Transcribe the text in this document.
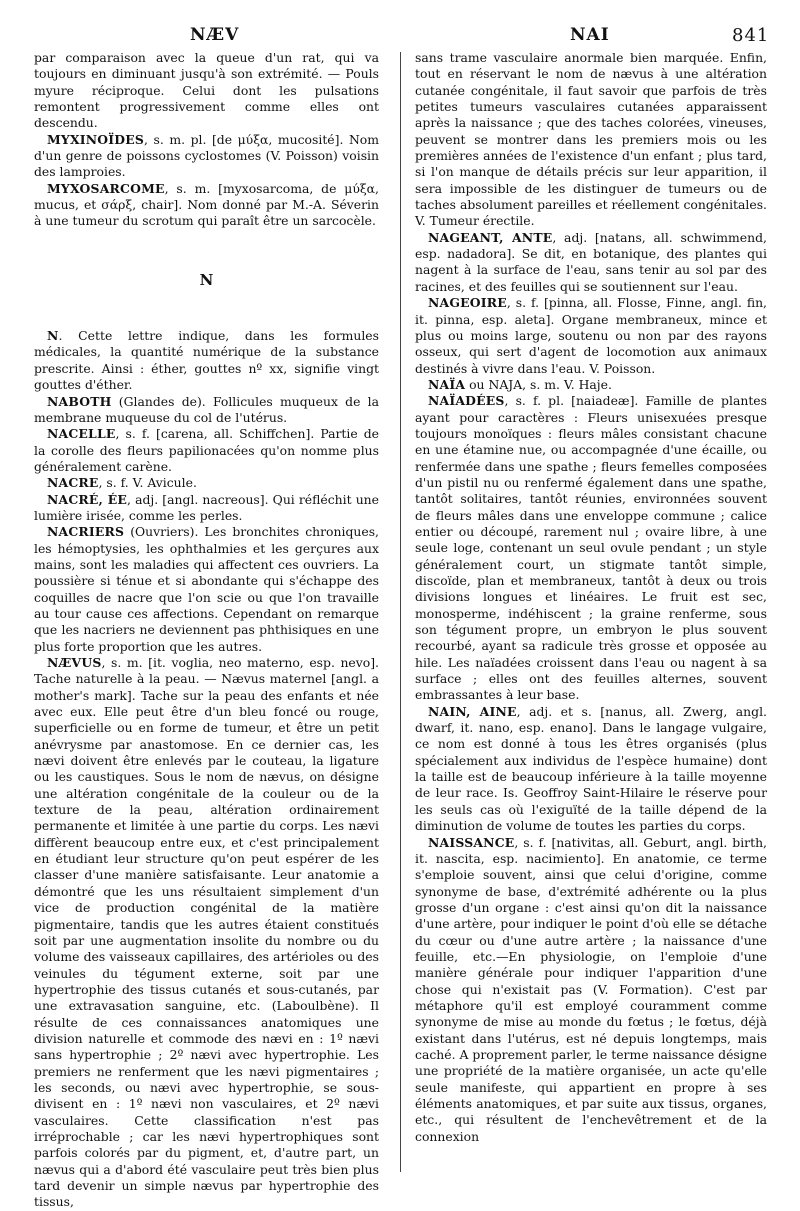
NÆV	NAI	841

par comparaison avec la queue d'un rat, qui va toujours en diminuant jusqu'à son extrémité. — Pouls myure réciproque. Celui dont les pulsations remontent progressivement comme elles ont descendu.

MYXINOÏDES, s. m. pl. [de μύξα, mucosité]. Nom d'un genre de poissons cyclostomes (V. Poisson) voisin des lamproies.

MYXOSARCOME, s. m. [myxosarcoma, de μύξα, mucus, et σάρξ, chair]. Nom donné par M.-A. Séverin à une tumeur du scrotum qui paraît être un sarcocèle.

N

N. Cette lettre indique, dans les formules médicales, la quantité numérique de la substance prescrite. Ainsi : éther, gouttes nº xx, signifie vingt gouttes d'éther.

NABOTH (Glandes de). Follicules muqueux de la membrane muqueuse du col de l'utérus.

NACELLE, s. f. [carena, all. Schiffchen]. Partie de la corolle des fleurs papilionacées qu'on nomme plus généralement carène.

NACRE, s. f. V. Avicule.

NACRÉ, ÉE, adj. [angl. nacreous]. Qui réfléchit une lumière irisée, comme les perles.

NACRIERS (Ouvriers). Les bronchites chroniques, les hémoptysies, les ophthalmies et les gerçures aux mains, sont les maladies qui affectent ces ouvriers. La poussière si ténue et si abondante qui s'échappe des coquilles de nacre que l'on scie ou que l'on travaille au tour cause ces affections. Cependant on remarque que les nacriers ne deviennent pas phthisiques en une plus forte proportion que les autres.

NÆVUS, s. m. [it. voglia, neo materno, esp. nevo]. Tache naturelle à la peau. — Nævus maternel [angl. a mother's mark]. Tache sur la peau des enfants et née avec eux. Elle peut être d'un bleu foncé ou rouge, superficielle ou en forme de tumeur, et être un petit anévrysme par anastomose. En ce dernier cas, les nævi doivent être enlevés par le couteau, la ligature ou les caustiques. Sous le nom de nævus, on désigne une altération congénitale de la couleur ou de la texture de la peau, altération ordinairement permanente et limitée à une partie du corps. Les nævi diffèrent beaucoup entre eux, et c'est principalement en étudiant leur structure qu'on peut espérer de les classer d'une manière satisfaisante. Leur anatomie a démontré que les uns résultaient simplement d'un vice de production congénital de la matière pigmentaire, tandis que les autres étaient constitués soit par une augmentation insolite du nombre ou du volume des vaisseaux capillaires, des artérioles ou des veinules du tégument externe, soit par une hypertrophie des tissus cutanés et sous-cutanés, par une extravasation sanguine, etc. (Laboulbène). Il résulte de ces connaissances anatomiques une division naturelle et commode des nævi en : 1º nævi sans hypertrophie ; 2º nævi avec hypertrophie. Les premiers ne renferment que les nævi pigmentaires ; les seconds, ou nævi avec hypertrophie, se sous-divisent en : 1º nævi non vasculaires, et 2º nævi vasculaires. Cette classification n'est pas irréprochable ; car les nævi hypertrophiques sont parfois colorés par du pigment, et, d'autre part, un nævus qui a d'abord été vasculaire peut très bien plus tard devenir un simple nævus par hypertrophie des tissus,

sans trame vasculaire anormale bien marquée. Enfin, tout en réservant le nom de nævus à une altération cutanée congénitale, il faut savoir que parfois de très petites tumeurs vasculaires cutanées apparaissent après la naissance ; que des taches colorées, vineuses, peuvent se montrer dans les premiers mois ou les premières années de l'existence d'un enfant ; plus tard, si l'on manque de détails précis sur leur apparition, il sera impossible de les distinguer de tumeurs ou de taches absolument pareilles et réellement congénitales. V. Tumeur érectile.

NAGEANT, ANTE, adj. [natans, all. schwimmend, esp. nadadora]. Se dit, en botanique, des plantes qui nagent à la surface de l'eau, sans tenir au sol par des racines, et des feuilles qui se soutiennent sur l'eau.

NAGEOIRE, s. f. [pinna, all. Flosse, Finne, angl. fin, it. pinna, esp. aleta]. Organe membraneux, mince et plus ou moins large, soutenu ou non par des rayons osseux, qui sert d'agent de locomotion aux animaux destinés à vivre dans l'eau. V. Poisson.

NAÏA ou NAJA, s. m. V. Haje.

NAÏADÉES, s. f. pl. [naiadeæ]. Famille de plantes ayant pour caractères : Fleurs unisexuées presque toujours monoïques : fleurs mâles consistant chacune en une étamine nue, ou accompagnée d'une écaille, ou renfermée dans une spathe ; fleurs femelles composées d'un pistil nu ou renfermé également dans une spathe, tantôt solitaires, tantôt réunies, environnées souvent de fleurs mâles dans une enveloppe commune ; calice entier ou découpé, rarement nul ; ovaire libre, à une seule loge, contenant un seul ovule pendant ; un style généralement court, un stigmate tantôt simple, discoïde, plan et membraneux, tantôt à deux ou trois divisions longues et linéaires. Le fruit est sec, monosperme, indéhiscent ; la graine renferme, sous son tégument propre, un embryon le plus souvent recourbé, ayant sa radicule très grosse et opposée au hile. Les naïadées croissent dans l'eau ou nagent à sa surface ; elles ont des feuilles alternes, souvent embrassantes à leur base.

NAIN, AINE, adj. et s. [nanus, all. Zwerg, angl. dwarf, it. nano, esp. enano]. Dans le langage vulgaire, ce nom est donné à tous les êtres organisés (plus spécialement aux individus de l'espèce humaine) dont la taille est de beaucoup inférieure à la taille moyenne de leur race. Is. Geoffroy Saint-Hilaire le réserve pour les seuls cas où l'exiguïté de la taille dépend de la diminution de volume de toutes les parties du corps.

NAISSANCE, s. f. [nativitas, all. Geburt, angl. birth, it. nascita, esp. nacimiento]. En anatomie, ce terme s'emploie souvent, ainsi que celui d'origine, comme synonyme de base, d'extrémité adhérente ou la plus grosse d'un organe : c'est ainsi qu'on dit la naissance d'une artère, pour indiquer le point d'où elle se détache du cœur ou d'une autre artère ; la naissance d'une feuille, etc.—En physiologie, on l'emploie d'une manière générale pour indiquer l'apparition d'une chose qui n'existait pas (V. Formation). C'est par métaphore qu'il est employé couramment comme synonyme de mise au monde du fœtus ; le fœtus, déjà existant dans l'utérus, est né depuis longtemps, mais caché. A proprement parler, le terme naissance désigne une propriété de la matière organisée, un acte qu'elle seule manifeste, qui appartient en propre à ses éléments anatomiques, et par suite aux tissus, organes, etc., qui résultent de l'enchevêtrement et de la connexion
